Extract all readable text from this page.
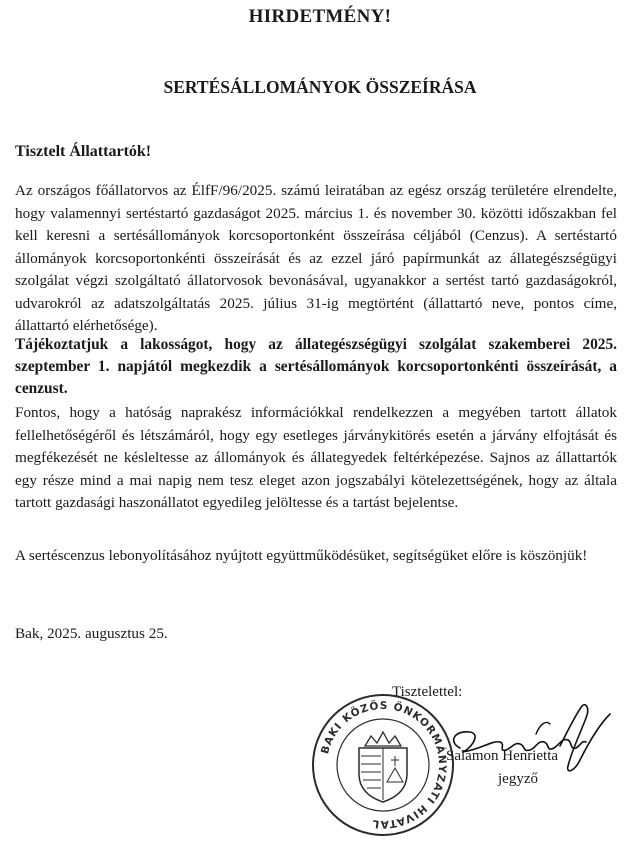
HIRDETMÉNY!
SERTÉSÁLLOMÁNYOK ÖSSZEÍRÁSA
Tisztelt Állattartók!

Az országos főállatorvos az ÉlfF/96/2025. számú leiratában az egész ország területére elrendelte, hogy valamennyi sertéstartó gazdaságot 2025. március 1. és november 30. közötti időszakban fel kell keresni a sertésállományok korcsoportonként összeírása céljából (Cenzus). A sertéstartó állományok korcsoportonkénti összeírását és az ezzel járó papírmunkát az állategészségügyi szolgálat végzi szolgáltató állatorvosok bevonásával, ugyanakkor a sertést tartó gazdaságokról, udvarokról az adatszolgáltatás 2025. július 31-ig megtörtént (állattartó neve, pontos címe, állattartó elérhetősége).

Tájékoztatjuk a lakosságot, hogy az állategészségügyi szolgálat szakemberei 2025. szeptember 1. napjától megkezdik a sertésállományok korcsoportonkénti összeírását, a cenzust.

Fontos, hogy a hatóság naprakész információkkal rendelkezzen a megyében tartott állatok fellelhetőségéről és létszámáról, hogy egy esetleges járványkitörés esetén a járvány elfojtását és megfékezését ne késleltesse az állományok és állategyedek feltérképezése. Sajnos az állattartók egy része mind a mai napig nem tesz eleget azon jogszabályi kötelezettségének, hogy az általa tartott gazdasági haszonállatot egyedileg jelöltesse és a tartást bejelentse.

A sertéscenzus lebonyolításához nyújtott együttműködésüket, segítségüket előre is köszönjük!

Bak, 2025. augusztus 25.
BAKI KÖZÖS ÖNKORMÁNYZATI HIVATAL
Tisztelettel:
Salamon Henrietta
jegyző
